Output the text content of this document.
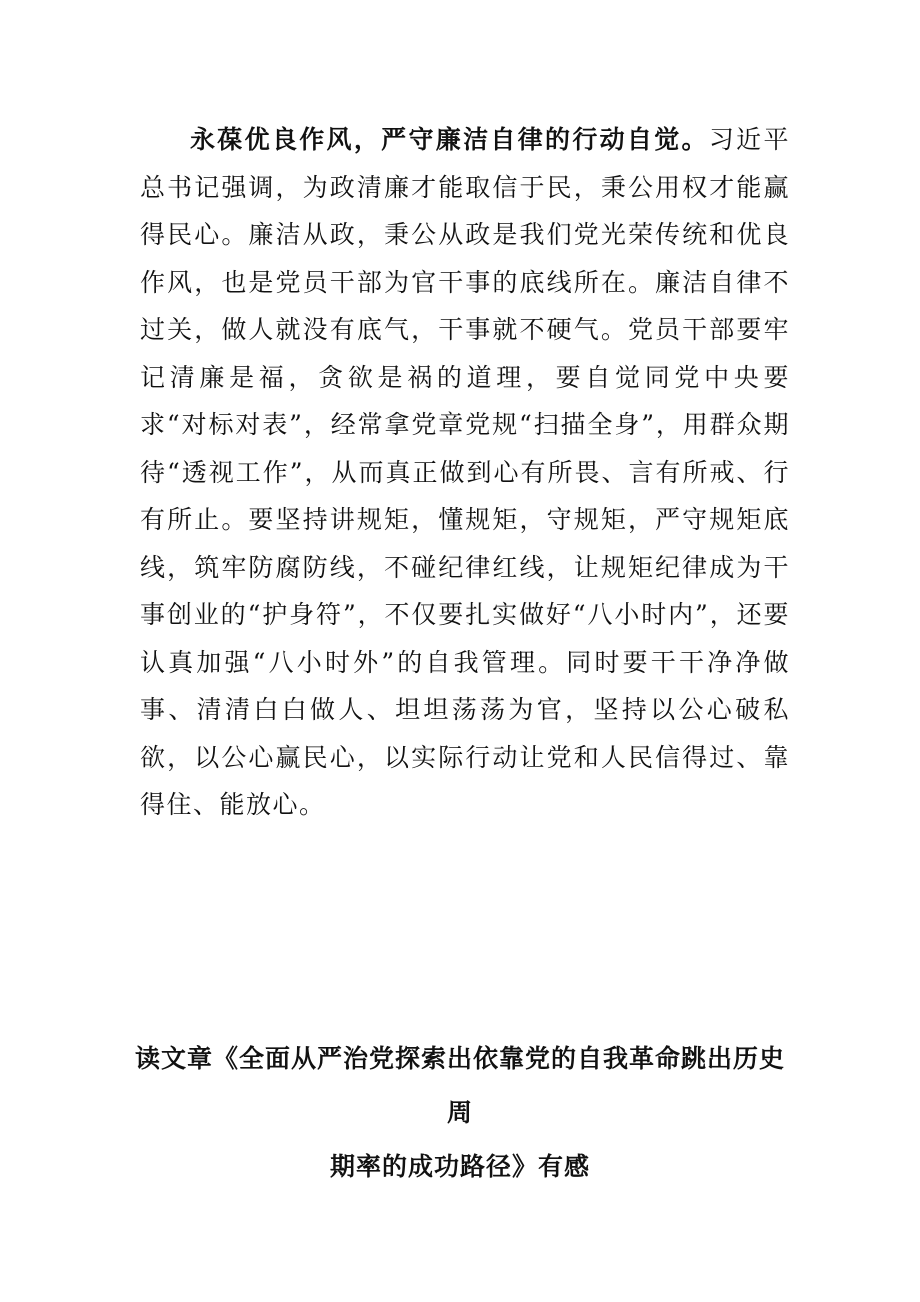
永葆优良作风，严守廉洁自律的行动自觉。习近平总书记强调，为政清廉才能取信于民，秉公用权才能赢得民心。廉洁从政，秉公从政是我们党光荣传统和优良作风，也是党员干部为官干事的底线所在。廉洁自律不过关，做人就没有底气，干事就不硬气。党员干部要牢记清廉是福，贪欲是祸的道理，要自觉同党中央要求“对标对表”，经常拿党章党规“扫描全身”，用群众期待“透视工作”，从而真正做到心有所畏、言有所戒、行有所止。要坚持讲规矩，懂规矩，守规矩，严守规矩底线，筑牢防腐防线，不碰纪律红线，让规矩纪律成为干事创业的“护身符”，不仅要扎实做好“八小时内”，还要认真加强“八小时外”的自我管理。同时要干干净净做事、清清白白做人、坦坦荡荡为官，坚持以公心破私欲，以公心赢民心，以实际行动让党和人民信得过、靠得住、能放心。

读文章《全面从严治党探索出依靠党的自我革命跳出历史周
期率的成功路径》有感
